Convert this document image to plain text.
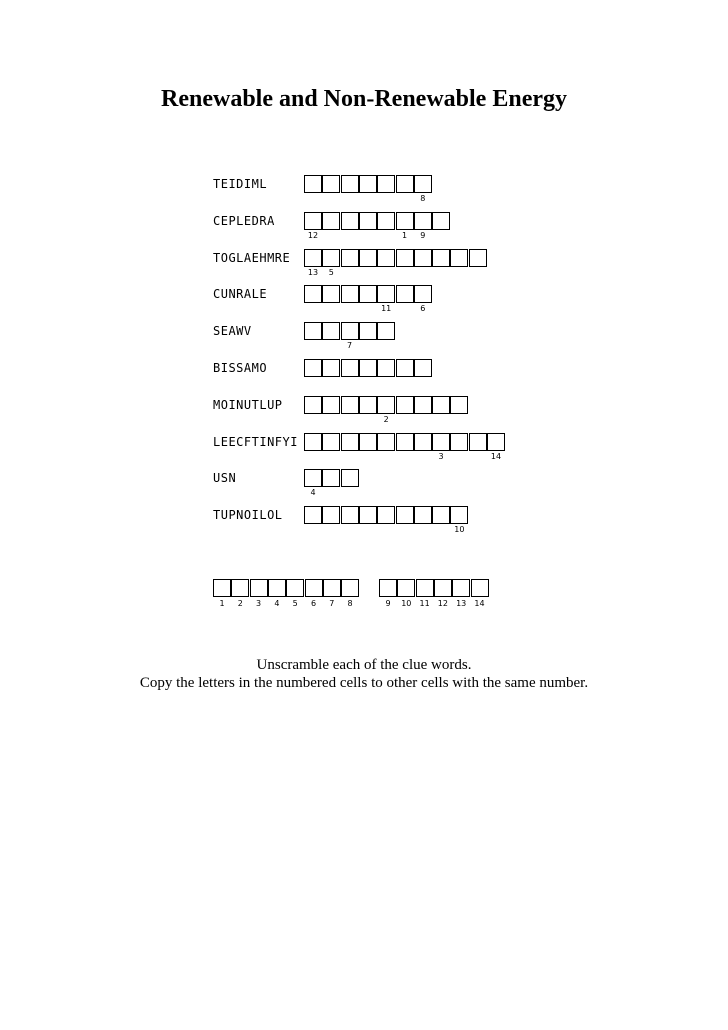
Renewable and Non-Renewable Energy
TEIDIML
8
CEPLEDRA
12	1	9
TOGLAEHMRE
13	5
CUNRALE
11	6
SEAWV
7
BISSAMO
MOINUTLUP
2
LEECFTINFYI
3	14
USN
4
TUPNOILOL
10
1	2	3	4	5	6	7	8	9	10	11	12	13	14
Unscramble each of the clue words.
Copy the letters in the numbered cells to other cells with the same number.
